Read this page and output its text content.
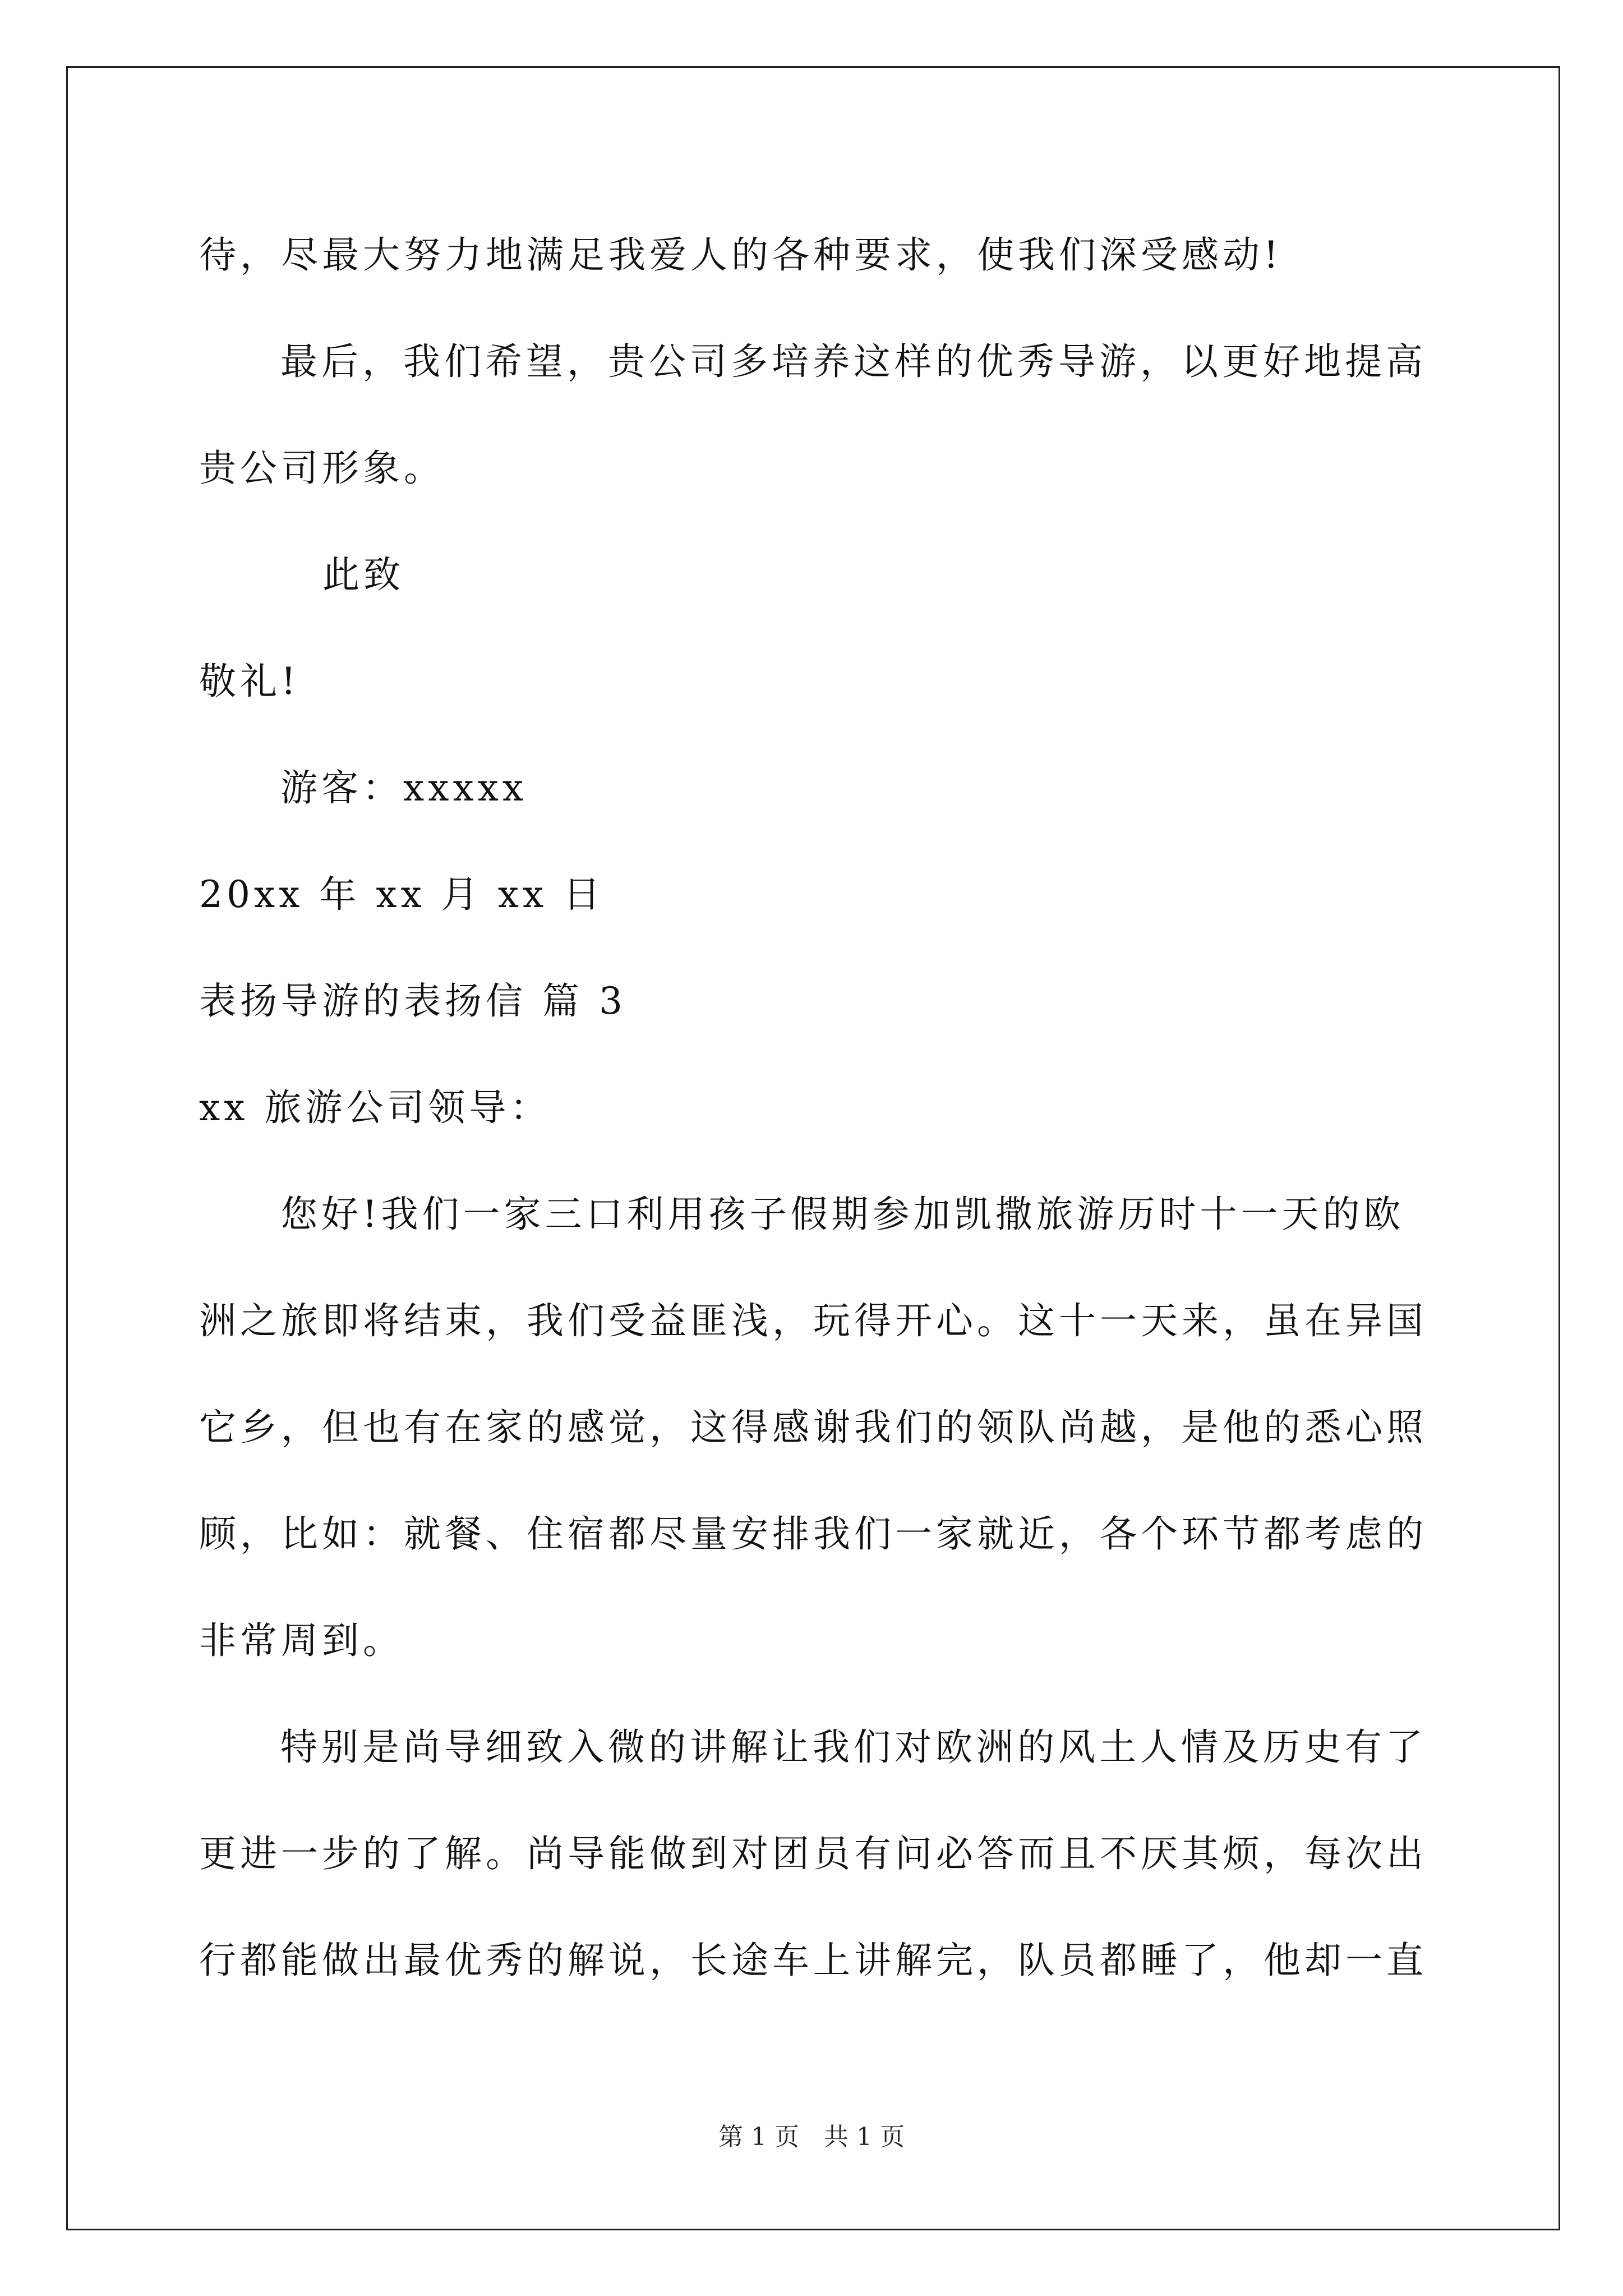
待，尽最大努力地满足我爱人的各种要求，使我们深受感动!
最后，我们希望，贵公司多培养这样的优秀导游，以更好地提高
贵公司形象。
此致
敬礼!
游客：xxxxx
20xx 年 xx 月 xx 日
表扬导游的表扬信 篇 3
xx 旅游公司领导：
您好!我们一家三口利用孩子假期参加凯撒旅游历时十一天的欧
洲之旅即将结束，我们受益匪浅，玩得开心。这十一天来，虽在异国
它乡，但也有在家的感觉，这得感谢我们的领队尚越，是他的悉心照
顾，比如：就餐、住宿都尽量安排我们一家就近，各个环节都考虑的
非常周到。
特别是尚导细致入微的讲解让我们对欧洲的风土人情及历史有了
更进一步的了解。尚导能做到对团员有问必答而且不厌其烦，每次出
行都能做出最优秀的解说，长途车上讲解完，队员都睡了，他却一直
第 1 页　共 1 页
